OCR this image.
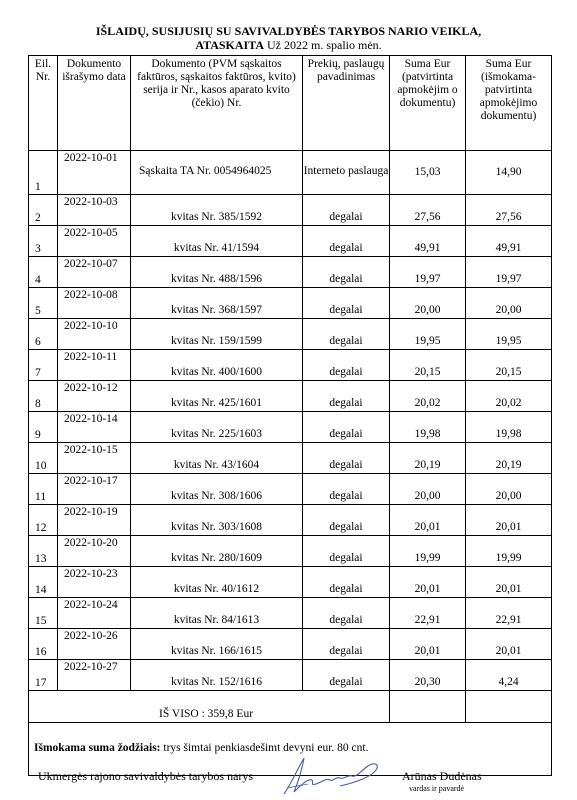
IŠLAIDŲ, SUSIJUSIŲ SU SAVIVALDYBĖS TARYBOS NARIO VEIKLA,
ATASKAITA Už 2022 m. spalio mėn.
Eil. Nr.	Dokumento išrašymo data	Dokumento (PVM sąskaitos faktūros, sąskaitos faktūros, kvito) serija ir Nr., kasos aparato kvito (čekio) Nr.	Prekių, paslaugų pavadinimas	Suma Eur (patvirtinta apmokėjim o dokumentu)	Suma Eur (išmokama-patvirtinta apmokėjimo dokumentu)

1	2022-10-01	Sąskaita TA Nr. 0054964025	Interneto paslauga	15,03	14,90

2	2022-10-03	kvitas Nr. 385/1592	degalai	27,56	27,56

3	2022-10-05	kvitas Nr. 41/1594	degalai	49,91	49,91

4	2022-10-07	kvitas Nr. 488/1596	degalai	19,97	19,97

5	2022-10-08	kvitas Nr. 368/1597	degalai	20,00	20,00

6	2022-10-10	kvitas Nr. 159/1599	degalai	19,95	19,95

7	2022-10-11	kvitas Nr. 400/1600	degalai	20,15	20,15

8	2022-10-12	kvitas Nr. 425/1601	degalai	20,02	20,02

9	2022-10-14	kvitas Nr. 225/1603	degalai	19,98	19,98

10	2022-10-15	kvitas Nr. 43/1604	degalai	20,19	20,19

11	2022-10-17	kvitas Nr. 308/1606	degalai	20,00	20,00

12	2022-10-19	kvitas Nr. 303/1608	degalai	20,01	20,01

13	2022-10-20	kvitas Nr. 280/1609	degalai	19,99	19,99

14	2022-10-23	kvitas Nr. 40/1612	degalai	20,01	20,01

15	2022-10-24	kvitas Nr. 84/1613	degalai	22,91	22,91

16	2022-10-26	kvitas Nr. 166/1615	degalai	20,01	20,01

17	2022-10-27	kvitas Nr. 152/1616	degalai	20,30	4,24

IŠ VISO : 359,8 Eur					

Išmokama suma žodžiais: trys šimtai penkiasdešimt devyni eur. 80 cnt.					
Ukmergės rajono savivaldybės tarybos narys	Arūnas Dudėnas
vardas ir pavardė
